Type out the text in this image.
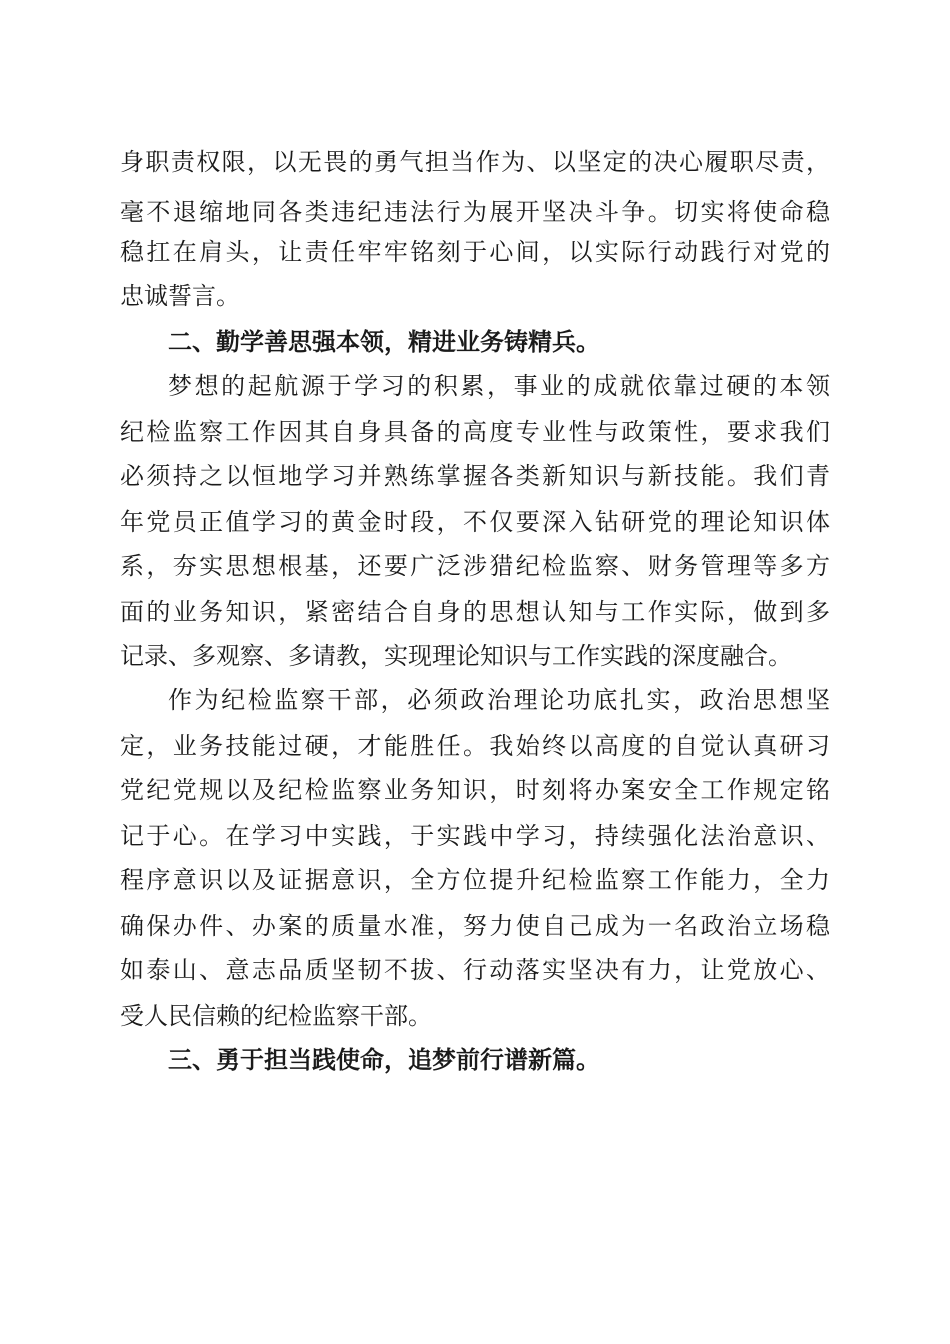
身职责权限，以无畏的勇气担当作为、以坚定的决心履职尽责，
毫不退缩地同各类违纪违法行为展开坚决斗争。切实将使命稳
稳扛在肩头，让责任牢牢铭刻于心间，以实际行动践行对党的
忠诚誓言。
二、勤学善思强本领，精进业务铸精兵。
梦想的起航源于学习的积累，事业的成就依靠过硬的本领
纪检监察工作因其自身具备的高度专业性与政策性，要求我们
必须持之以恒地学习并熟练掌握各类新知识与新技能。我们青
年党员正值学习的黄金时段，不仅要深入钻研党的理论知识体
系，夯实思想根基，还要广泛涉猎纪检监察、财务管理等多方
面的业务知识，紧密结合自身的思想认知与工作实际，做到多
记录、多观察、多请教，实现理论知识与工作实践的深度融合。
作为纪检监察干部，必须政治理论功底扎实，政治思想坚
定，业务技能过硬，才能胜任。我始终以高度的自觉认真研习
党纪党规以及纪检监察业务知识，时刻将办案安全工作规定铭
记于心。在学习中实践，于实践中学习，持续强化法治意识、
程序意识以及证据意识，全方位提升纪检监察工作能力，全力
确保办件、办案的质量水准，努力使自己成为一名政治立场稳
如泰山、意志品质坚韧不拔、行动落实坚决有力，让党放心、
受人民信赖的纪检监察干部。
三、勇于担当践使命，追梦前行谱新篇。
